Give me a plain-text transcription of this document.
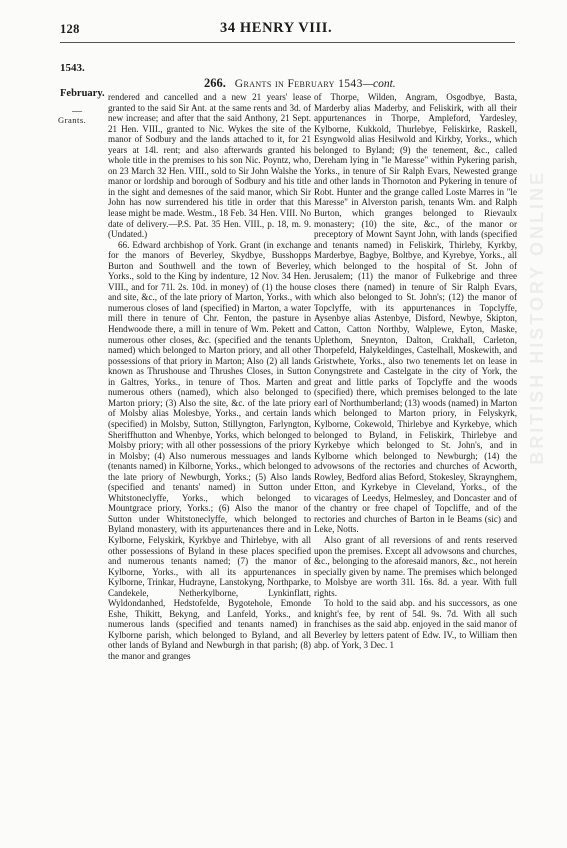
128	34 HENRY VIII.
1543.
February.
—
Grants.
266. Grants in February 1543—cont.

rendered and cancelled and a new 21 years' lease granted to the said Sir Ant. at the same rents and 3d. of new increase; and after that the said Anthony, 21 Sept. 21 Hen. VIII., granted to Nic. Wykes the site of the manor of Sodbury and the lands attached to it, for 21 years at 14l. rent; and also afterwards granted his whole title in the premises to his son Nic. Poyntz, who, on 23 March 32 Hen. VIII., sold to Sir John Walshe the manor or lordship and borough of Sodbury and his title in the sight and demesnes of the said manor, which Sir John has now surrendered his title in order that this lease might be made. Westm., 18 Feb. 34 Hen. VIII. No date of delivery.—P.S. Pat. 35 Hen. VIII., p. 18, m. 9. (Undated.)

66. Edward archbishop of York. Grant (in exchange for the manors of Beverley, Skydbye, Busshopps Burton and Southwell and the town of Beverley, Yorks., sold to the King by indenture, 12 Nov. 34 Hen. VIII., and for 71l. 2s. 10d. in money) of (1) the house and site, &c., of the late priory of Marton, Yorks., with numerous closes of land (specified) in Marton, a water mill there in tenure of Chr. Fenton, the pasture in Hendwoode there, a mill in tenure of Wm. Pekett and numerous other closes, &c. (specified and the tenants named) which belonged to Marton priory, and all other possessions of that priory in Marton; Also (2) all lands known as Thrushouse and Thrushes Closes, in Sutton in Galtres, Yorks., in tenure of Thos. Marten and numerous others (named), which also belonged to Marton priory; (3) Also the site, &c. of the late priory of Molsby alias Molesbye, Yorks., and certain lands (specified) in Molsby, Sutton, Stillyngton, Farlyngton, Sheriffhutton and Whenbye, Yorks, which belonged to Molsby priory; with all other possessions of the priory in Molsby; (4) Also numerous messuages and lands (tenants named) in Kilborne, Yorks., which belonged to the late priory of Newburgh, Yorks.; (5) Also lands (specified and tenants' named) in Sutton under Whitstoneclyffe, Yorks., which belonged to Mountgrace priory, Yorks.; (6) Also the manor of Sutton under Whitstoneclyffe, which belonged to Byland monastery, with its appurtenances there and in Kylborne, Felyskirk, Kyrkbye and Thirlebye, with all other possessions of Byland in these places specified and numerous tenants named; (7) the manor of Kylborne, Yorks., with all its appurtenances in Kylborne, Trinkar, Hudrayne, Lanstokyng, Northparke, Candekele, Netherkylborne, Lynkinflatt, Wyldondanhed, Hedstofelde, Bygotehole, Emonde Eshe, Thikitt, Bekyng, and Lanfeld, Yorks., and numerous lands (specified and tenants named) in Kylborne parish, which belonged to Byland, and all other lands of Byland and Newburgh in that parish; (8) the manor and granges

of Thorpe, Wilden, Angram, Osgodbye, Basta, Marderby alias Maderby, and Feliskirk, with all their appurtenances in Thorpe, Ampleford, Yardesley, Kylborne, Kukkold, Thurlebye, Feliskirke, Raskell, Esyngwold alias Hesilwold and Kirkby, Yorks., which belonged to Byland; (9) the tenement, &c., called Dereham lying in "le Maresse" within Pykering parish, Yorks., in tenure of Sir Ralph Evars, Newested grange and other lands in Thornoton and Pykering in tenure of Robt. Hunter and the grange called Loste Marres in "le Maresse" in Alverston parish, tenants Wm. and Ralph Burton, which granges belonged to Rievaulx monastery; (10) the site, &c., of the manor or preceptory of Mownt Saynt John, with lands (specified and tenants named) in Feliskirk, Thirleby, Kyrkby, Marderbye, Bagbye, Boltbye, and Kyrebye, Yorks., all which belonged to the hospital of St. John of Jerusalem; (11) the manor of Fulkebrige and three closes there (named) in tenure of Sir Ralph Evars, which also belonged to St. John's; (12) the manor of Topclyffe, with its appurtenances in Topclyffe, Aysenbye alias Astenbye, Disford, Newbye, Skipton, Catton, Catton Northby, Walplewe, Eyton, Maske, Uplethom, Sneynton, Dalton, Crakhall, Carleton, Thorpefeld, Halykeldinges, Castelhall, Moskewith, and Gristwhete, Yorks., also two tenements let on lease in Conyngstrete and Castelgate in the city of York, the great and little parks of Topclyffe and the woods (specified) there, which premises belonged to the late earl of Northumberland; (13) woods (named) in Marton which belonged to Marton priory, in Felyskyrk, Kylborne, Cokewold, Thirlebye and Kyrkebye, which belonged to Byland, in Feliskirk, Thirlebye and Kyrkebye which belonged to St. John's, and in Kylborne which belonged to Newburgh; (14) the advowsons of the rectories and churches of Acworth, Rowley, Bedford alias Beford, Stokesley, Skraynghem, Etton, and Kyrkebye in Cleveland, Yorks., of the vicarages of Leedys, Helmesley, and Doncaster and of the chantry or free chapel of Topcliffe, and of the rectories and churches of Barton in le Beams (sic) and Leke, Notts.

Also grant of all reversions of and rents reserved upon the premises. Except all advowsons and churches, &c., belonging to the aforesaid manors, &c., not herein specially given by name. The premises which belonged to Molsbye are worth 31l. 16s. 8d. a year. With full rights.

To hold to the said abp. and his successors, as one knight's fee, by rent of 54l. 9s. 7d. With all such franchises as the said abp. enjoyed in the said manor of Beverley by letters patent of Edw. IV., to William then abp. of York, 3 Dec. 1

BRITISH HISTORY ONLINE
